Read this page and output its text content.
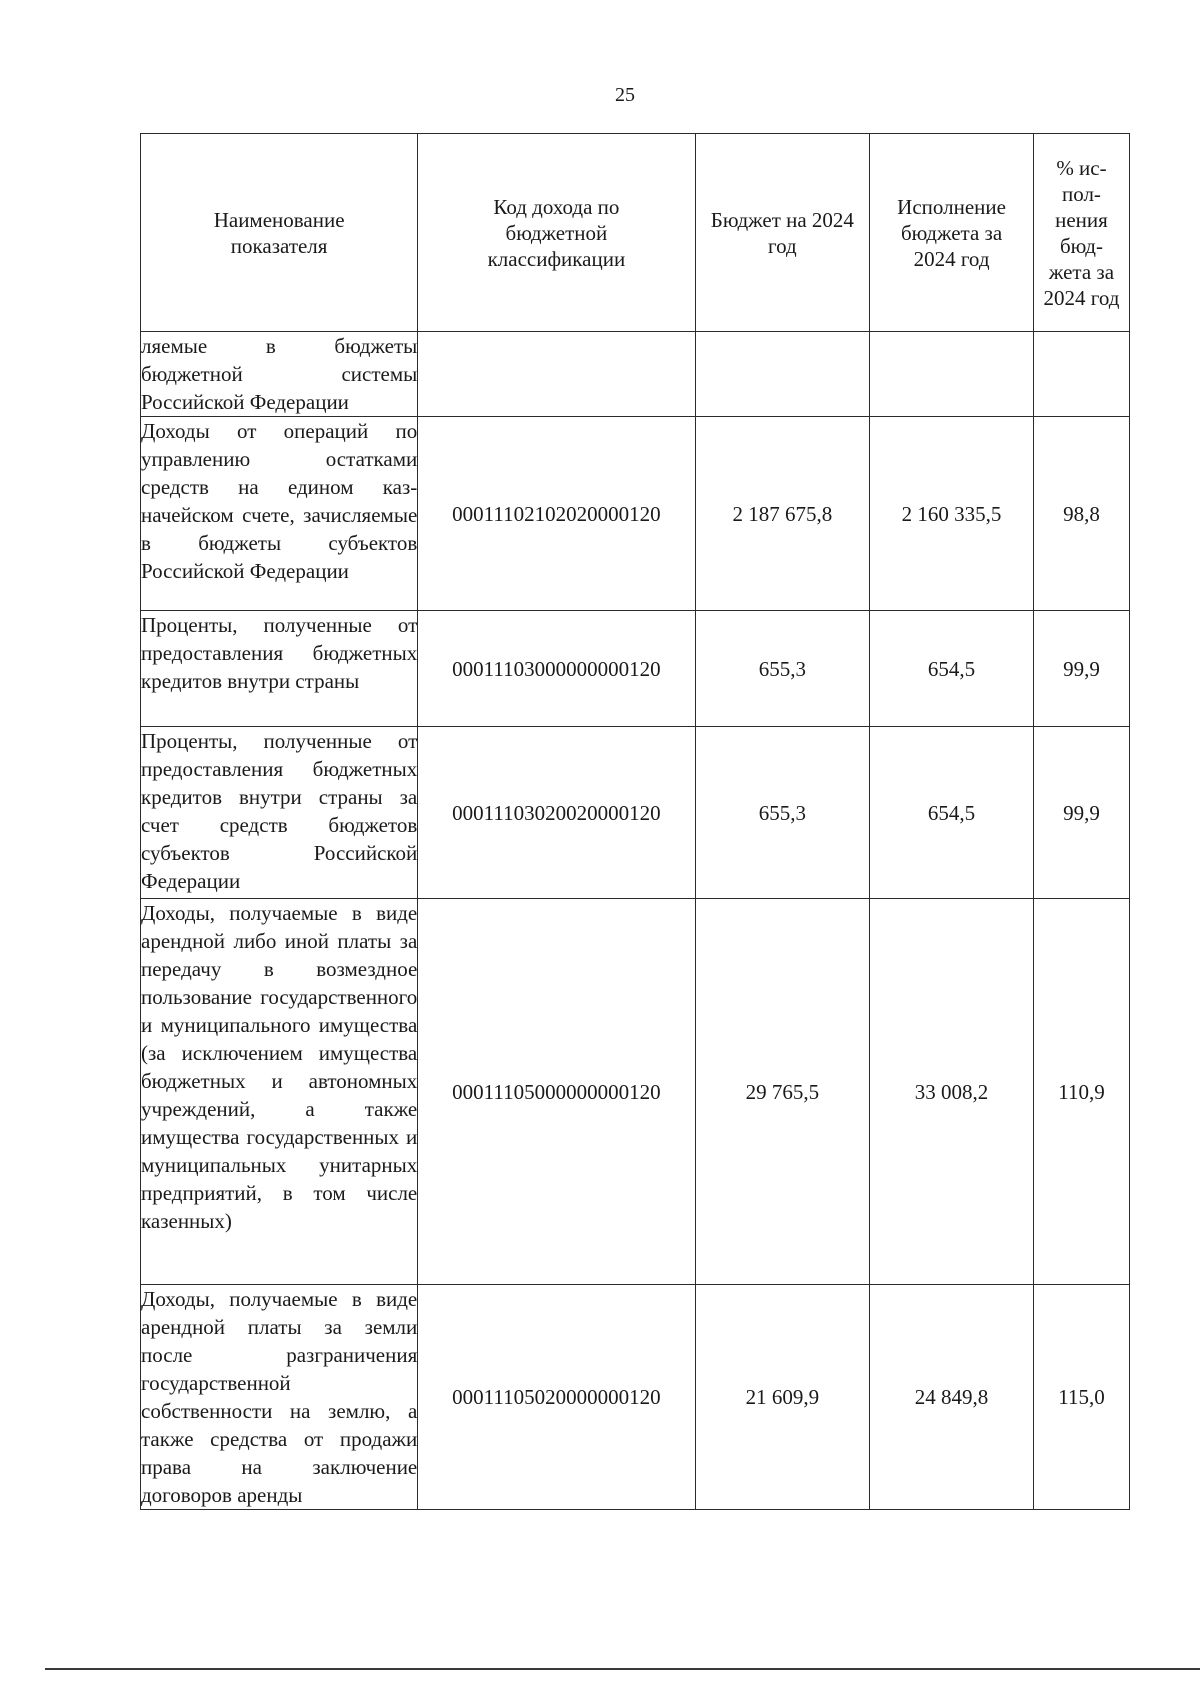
25
Наименование показателя	Код дохода по бюджетной классификации	Бюджет на 2024 год	Исполнение бюджета за 2024 год	% ис-пол-нения бюд-жета за 2024 год
ляемые в бюджеты бюджетной системы Российской Федерации				
Доходы от операций по управлению остатками средств на едином казначейском счете, зачисляемые в бюджеты субъектов Российской Федерации	00011102102020000120	2 187 675,8	2 160 335,5	98,8
Проценты, полученные от предоставления бюджетных кредитов внутри страны	00011103000000000120	655,3	654,5	99,9
Проценты, полученные от предоставления бюджетных кредитов внутри страны за счет средств бюджетов субъектов Российской Федерации	00011103020020000120	655,3	654,5	99,9
Доходы, получаемые в виде арендной либо иной платы за передачу в возмездное пользование государственного и муниципального имущества (за исключением имущества бюджетных и автономных учреждений, а также имущества государственных и муниципальных унитарных предприятий, в том числе казенных)	00011105000000000120	29 765,5	33 008,2	110,9
Доходы, получаемые в виде арендной платы за земли после разграничения государственной собственности на землю, а также средства от продажи права на заключение договоров аренды	00011105020000000120	21 609,9	24 849,8	115,0
